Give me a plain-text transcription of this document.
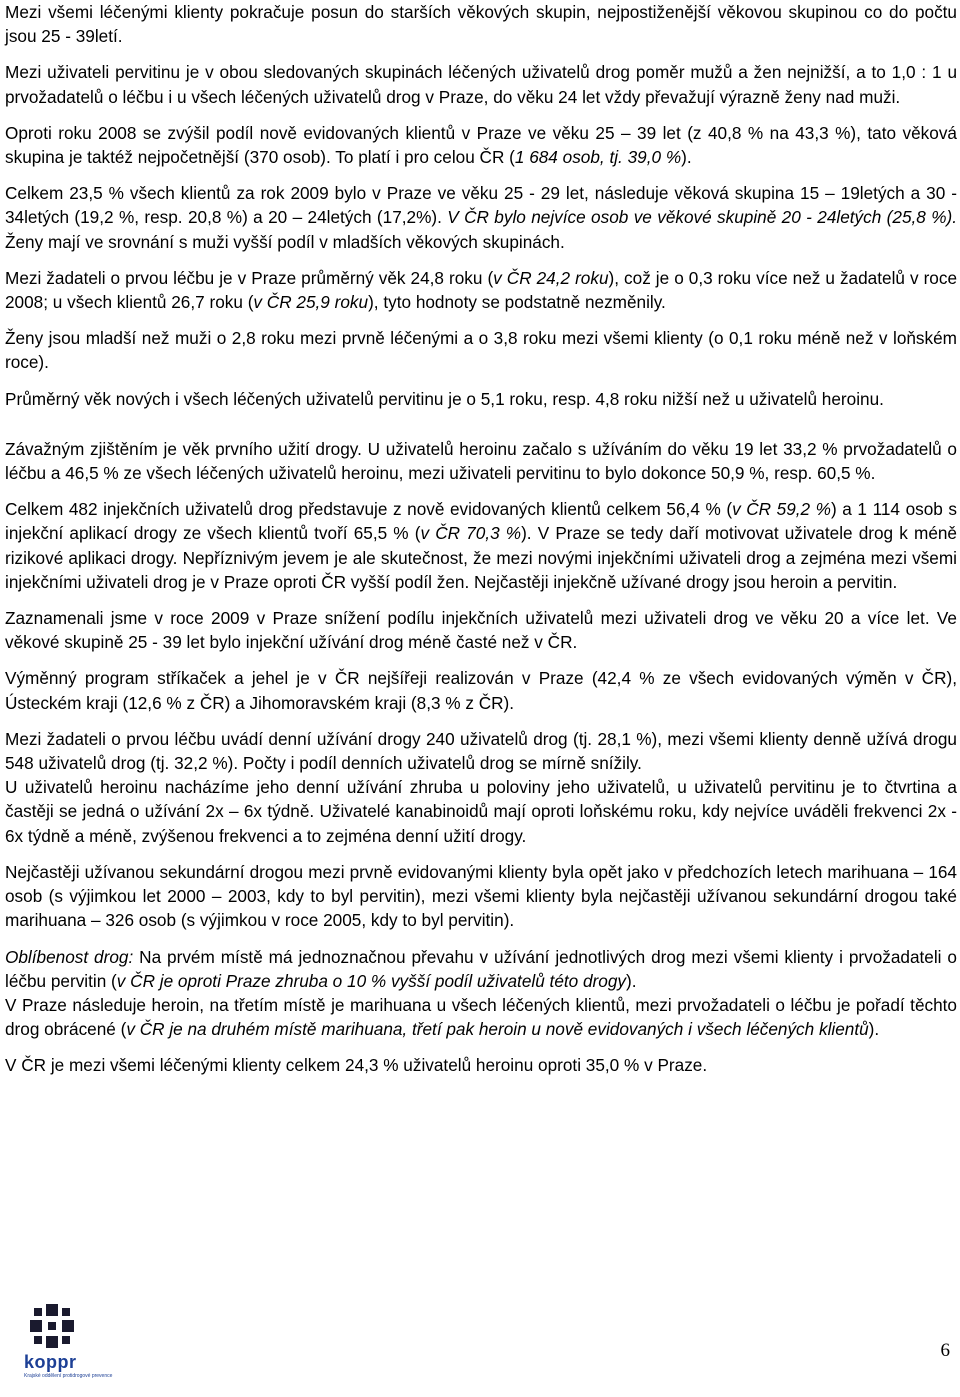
Mezi všemi léčenými klienty pokračuje posun do starších věkových skupin, nejpostiženější věkovou skupinou co do počtu jsou 25 - 39letí.

Mezi uživateli pervitinu je v obou sledovaných skupinách léčených uživatelů drog poměr mužů a žen nejnižší, a to 1,0 : 1 u prvožadatelů o léčbu i u všech léčených uživatelů drog v Praze, do věku 24 let vždy převažují výrazně ženy nad muži.

Oproti roku 2008 se zvýšil podíl nově evidovaných klientů v Praze ve věku 25 – 39 let (z 40,8 % na 43,3 %), tato věková skupina je taktéž nejpočetnější (370 osob). To platí i pro celou ČR (1 684 osob, tj. 39,0 %).

Celkem 23,5 % všech klientů za rok 2009 bylo v Praze ve věku 25 - 29 let, následuje věková skupina 15 – 19letých a 30 - 34letých (19,2 %, resp. 20,8 %) a 20 – 24letých (17,2%). V ČR bylo nejvíce osob ve věkové skupině 20 - 24letých (25,8 %). Ženy mají ve srovnání s muži vyšší podíl v mladších věkových skupinách.

Mezi žadateli o prvou léčbu je v Praze průměrný věk 24,8 roku (v ČR 24,2 roku), což je o 0,3 roku více než u žadatelů v roce 2008; u všech klientů 26,7 roku (v ČR 25,9 roku), tyto hodnoty se podstatně nezměnily.

Ženy jsou mladší než muži o 2,8 roku mezi prvně léčenými a o 3,8 roku mezi všemi klienty (o 0,1 roku méně než v loňském roce).

Průměrný věk nových i všech léčených uživatelů pervitinu je o 5,1 roku, resp. 4,8 roku nižší než u uživatelů heroinu.

Závažným zjištěním je věk prvního užití drogy. U uživatelů heroinu začalo s užíváním do věku 19 let 33,2 % prvožadatelů o léčbu a 46,5 % ze všech léčených uživatelů heroinu, mezi uživateli pervitinu to bylo dokonce 50,9 %, resp. 60,5 %.

Celkem 482 injekčních uživatelů drog představuje z nově evidovaných klientů celkem 56,4 % (v ČR 59,2 %) a 1 114 osob s injekční aplikací drogy ze všech klientů tvoří 65,5 % (v ČR 70,3 %). V Praze se tedy daří motivovat uživatele drog k méně rizikové aplikaci drogy. Nepříznivým jevem je ale skutečnost, že mezi novými injekčními uživateli drog a zejména mezi všemi injekčními uživateli drog je v Praze oproti ČR vyšší podíl žen. Nejčastěji injekčně užívané drogy jsou heroin a pervitin.

Zaznamenali jsme v roce 2009 v Praze snížení podílu injekčních uživatelů mezi uživateli drog ve věku 20 a více let. Ve věkové skupině 25 - 39 let bylo injekční užívání drog méně časté než v ČR.

Výměnný program stříkaček a jehel je v ČR nejšířeji realizován v Praze (42,4 % ze všech evidovaných výměn v ČR), Ústeckém kraji (12,6 % z ČR) a Jihomoravském kraji (8,3 % z ČR).

Mezi žadateli o prvou léčbu uvádí denní užívání drogy 240 uživatelů drog (tj. 28,1 %), mezi všemi klienty denně užívá drogu 548 uživatelů drog (tj. 32,2 %). Počty i podíl denních uživatelů drog se mírně snížily.

U uživatelů heroinu nacházíme jeho denní užívání zhruba u poloviny jeho uživatelů, u uživatelů pervitinu je to čtvrtina a častěji se jedná o užívání 2x – 6x týdně. Uživatelé kanabinoidů mají oproti loňskému roku, kdy nejvíce uváděli frekvenci 2x - 6x týdně a méně, zvýšenou frekvenci a to zejména denní užití drogy.

Nejčastěji užívanou sekundární drogou mezi prvně evidovanými klienty byla opět jako v předchozích letech marihuana – 164 osob (s výjimkou let 2000 – 2003, kdy to byl pervitin), mezi všemi klienty byla nejčastěji užívanou sekundární drogou také marihuana – 326 osob (s výjimkou v roce 2005, kdy to byl pervitin).

Oblíbenost drog: Na prvém místě má jednoznačnou převahu v užívání jednotlivých drog mezi všemi klienty i prvožadateli o léčbu pervitin (v ČR je oproti Praze zhruba o 10 % vyšší podíl uživatelů této drogy).

V Praze následuje heroin, na třetím místě je marihuana u všech léčených klientů, mezi prvožadateli o léčbu je pořadí těchto drog obrácené (v ČR je na druhém místě marihuana, třetí pak heroin u nově evidovaných i všech léčených klientů).

V ČR je mezi všemi léčenými klienty celkem 24,3 % uživatelů heroinu oproti 35,0 % v Praze.

koppr
Krajské oddělení protidrogové prevence
6
